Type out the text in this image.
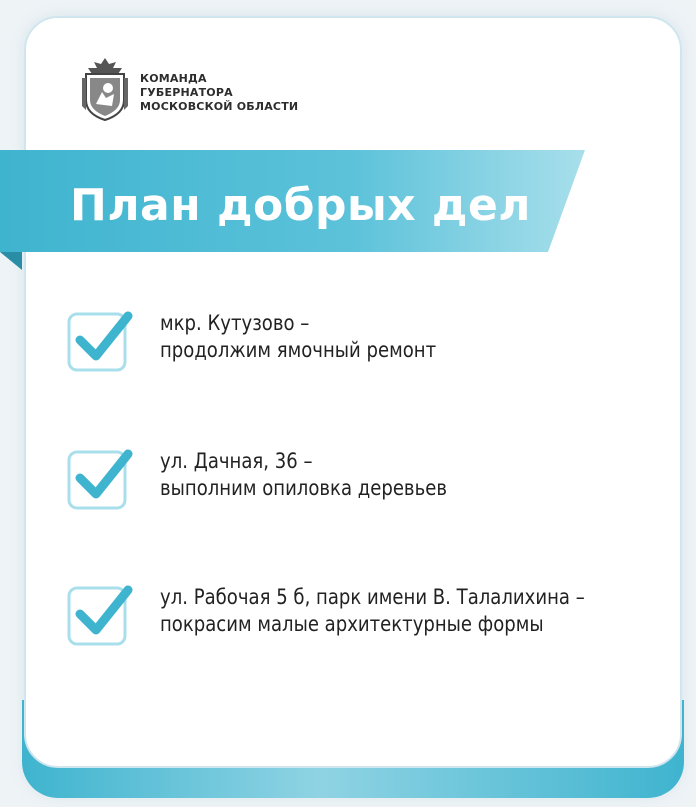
КОМАНДА
ГУБЕРНАТОРА
МОСКОВСКОЙ ОБЛАСТИ
План добрых дел
мкр. Кутузово –
продолжим ямочный ремонт
ул. Дачная, 36 –
выполним опиловка деревьев
ул. Рабочая 5 б, парк имени В. Талалихина –
покрасим малые архитектурные формы
